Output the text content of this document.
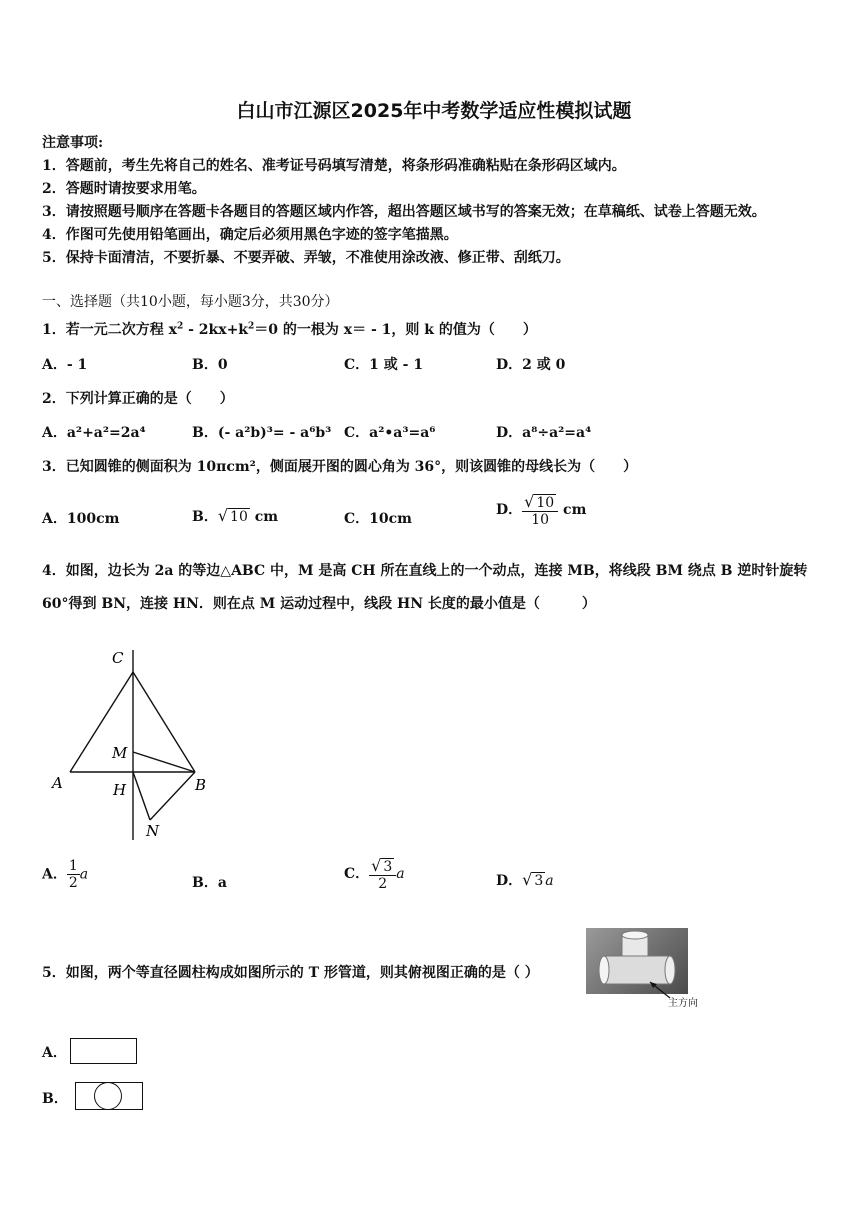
白山市江源区2025年中考数学适应性模拟试题
注意事项:
1．答题前，考生先将自己的姓名、准考证号码填写清楚，将条形码准确粘贴在条形码区域内。
2．答题时请按要求用笔。
3．请按照题号顺序在答题卡各题目的答题区域内作答，超出答题区域书写的答案无效；在草稿纸、试卷上答题无效。
4．作图可先使用铅笔画出，确定后必须用黑色字迹的签字笔描黑。
5．保持卡面清洁，不要折暴、不要弄破、弄皱，不准使用涂改液、修正带、刮纸刀。
一、选择题（共10小题，每小题3分，共30分）
1．若一元二次方程 $x^2 - 2kx+k^2=0$ 的一根为 x＝ - 1，则 k 的值为（　　）
A．- 1	B．0	C．1 或 - 1	D．2 或 0
2．下列计算正确的是（　　）
A．a²+a²=2a⁴	B．(- a²b)³= - a⁶b³ C．a²•a³=a⁶	D．a⁸÷a²=a⁴
3．已知圆锥的侧面积为 10πcm²，侧面展开图的圆心角为 36°，则该圆锥的母线长为（　　）
A．100cm	B．√ 10 cm	C．10cm
D． $\frac{√ 10}{10}$ cm
4．如图，边长为 2a 的等边△ABC 中，M 是高 CH 所在直线上的一个动点，连接 MB，将线段 BM 绕点 B 逆时针旋转
60°得到 BN，连接 HN．则在点 M 运动过程中，线段 HN 长度的最小值是（　　　）
C
M
A	H	B
N
A． $\frac{1}{2}$ a
B．a
C． $\frac{√ 3}{2}$ a	D．√ 3 a
5．如图，两个等直径圆柱构成如图所示的 T 形管道，则其俯视图正确的是（ ）
主方向
A．
B．
